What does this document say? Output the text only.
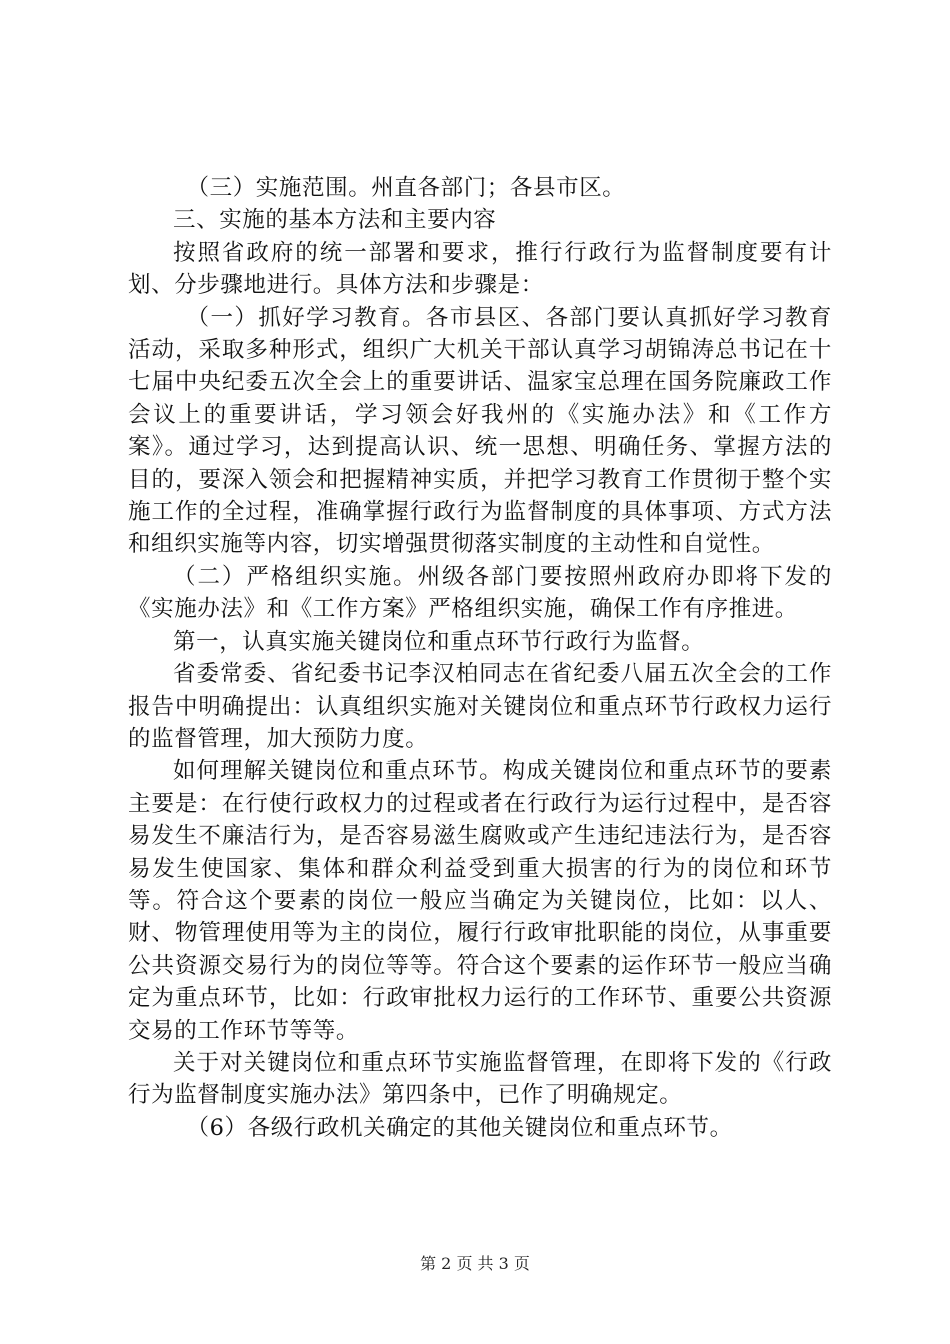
（三）实施范围。州直各部门；各县市区。

三、实施的基本方法和主要内容

按照省政府的统一部署和要求，推行行政行为监督制度要有计划、分步骤地进行。具体方法和步骤是：

（一）抓好学习教育。各市县区、各部门要认真抓好学习教育活动，采取多种形式，组织广大机关干部认真学习胡锦涛总书记在十七届中央纪委五次全会上的重要讲话、温家宝总理在国务院廉政工作会议上的重要讲话，学习领会好我州的《实施办法》和《工作方案》。通过学习，达到提高认识、统一思想、明确任务、掌握方法的目的，要深入领会和把握精神实质，并把学习教育工作贯彻于整个实施工作的全过程，准确掌握行政行为监督制度的具体事项、方式方法和组织实施等内容，切实增强贯彻落实制度的主动性和自觉性。

（二）严格组织实施。州级各部门要按照州政府办即将下发的《实施办法》和《工作方案》严格组织实施，确保工作有序推进。

第一，认真实施关键岗位和重点环节行政行为监督。

省委常委、省纪委书记李汉柏同志在省纪委八届五次全会的工作报告中明确提出：认真组织实施对关键岗位和重点环节行政权力运行的监督管理，加大预防力度。

如何理解关键岗位和重点环节。构成关键岗位和重点环节的要素主要是：在行使行政权力的过程或者在行政行为运行过程中，是否容易发生不廉洁行为，是否容易滋生腐败或产生违纪违法行为，是否容易发生使国家、集体和群众利益受到重大损害的行为的岗位和环节等。符合这个要素的岗位一般应当确定为关键岗位，比如：以人、财、物管理使用等为主的岗位，履行行政审批职能的岗位，从事重要公共资源交易行为的岗位等等。符合这个要素的运作环节一般应当确定为重点环节，比如：行政审批权力运行的工作环节、重要公共资源交易的工作环节等等。

关于对关键岗位和重点环节实施监督管理，在即将下发的《行政行为监督制度实施办法》第四条中，已作了明确规定。

（6）各级行政机关确定的其他关键岗位和重点环节。

第 2 页 共 3 页
